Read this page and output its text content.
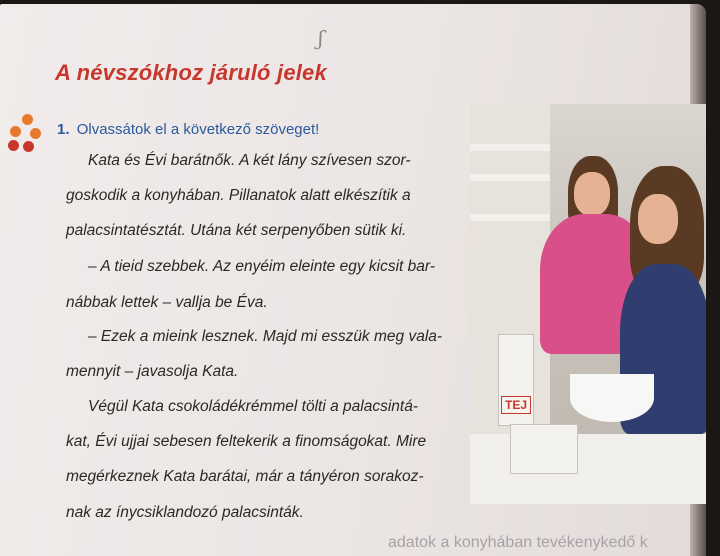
ʃ
A névszókhoz járuló jelek

1. Olvassátok el a következő szöveget!

Kata és Évi barátnők. A két lány szívesen szor-
goskodik a konyhában. Pillanatok alatt elkészítik a
palacsintatésztát. Utána két serpenyőben sütik ki.
– A tieid szebbek. Az enyéim eleinte egy kicsit bar-
nábbak lettek – vallja be Éva.
– Ezek a mieink lesznek. Majd mi esszük meg vala-
mennyit – javasolja Kata.
Végül Kata csokoládékrémmel tölti a palacsintá-
kat, Évi ujjai sebesen feltekerik a finomságokat. Mire
megérkeznek Kata barátai, már a tányéron sorakoz-
nak az ínycsiklandozó palacsinták.
TEJ
adatok a konyhában tevékenykedő k
